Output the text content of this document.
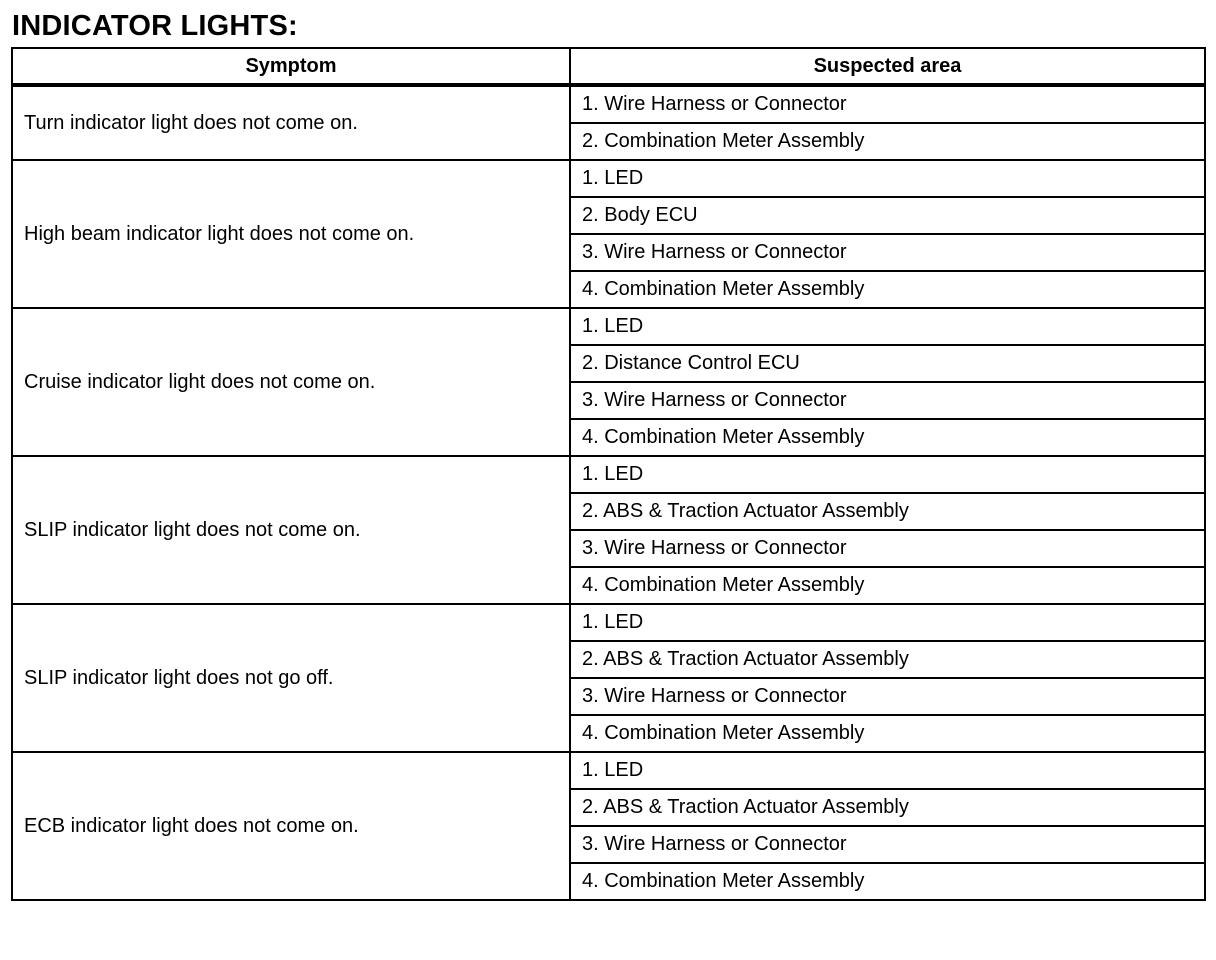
INDICATOR LIGHTS:
Symptom	Suspected area
Turn indicator light does not come on.	1. Wire Harness or Connector
	2. Combination Meter Assembly
High beam indicator light does not come on.	1. LED
	2. Body ECU
	3. Wire Harness or Connector
	4. Combination Meter Assembly
Cruise indicator light does not come on.	1. LED
	2. Distance Control ECU
	3. Wire Harness or Connector
	4. Combination Meter Assembly
SLIP indicator light does not come on.	1. LED
	2. ABS & Traction Actuator Assembly
	3. Wire Harness or Connector
	4. Combination Meter Assembly
SLIP indicator light does not go off.	1. LED
	2. ABS & Traction Actuator Assembly
	3. Wire Harness or Connector
	4. Combination Meter Assembly
ECB indicator light does not come on.	1. LED
	2. ABS & Traction Actuator Assembly
	3. Wire Harness or Connector
	4. Combination Meter Assembly
